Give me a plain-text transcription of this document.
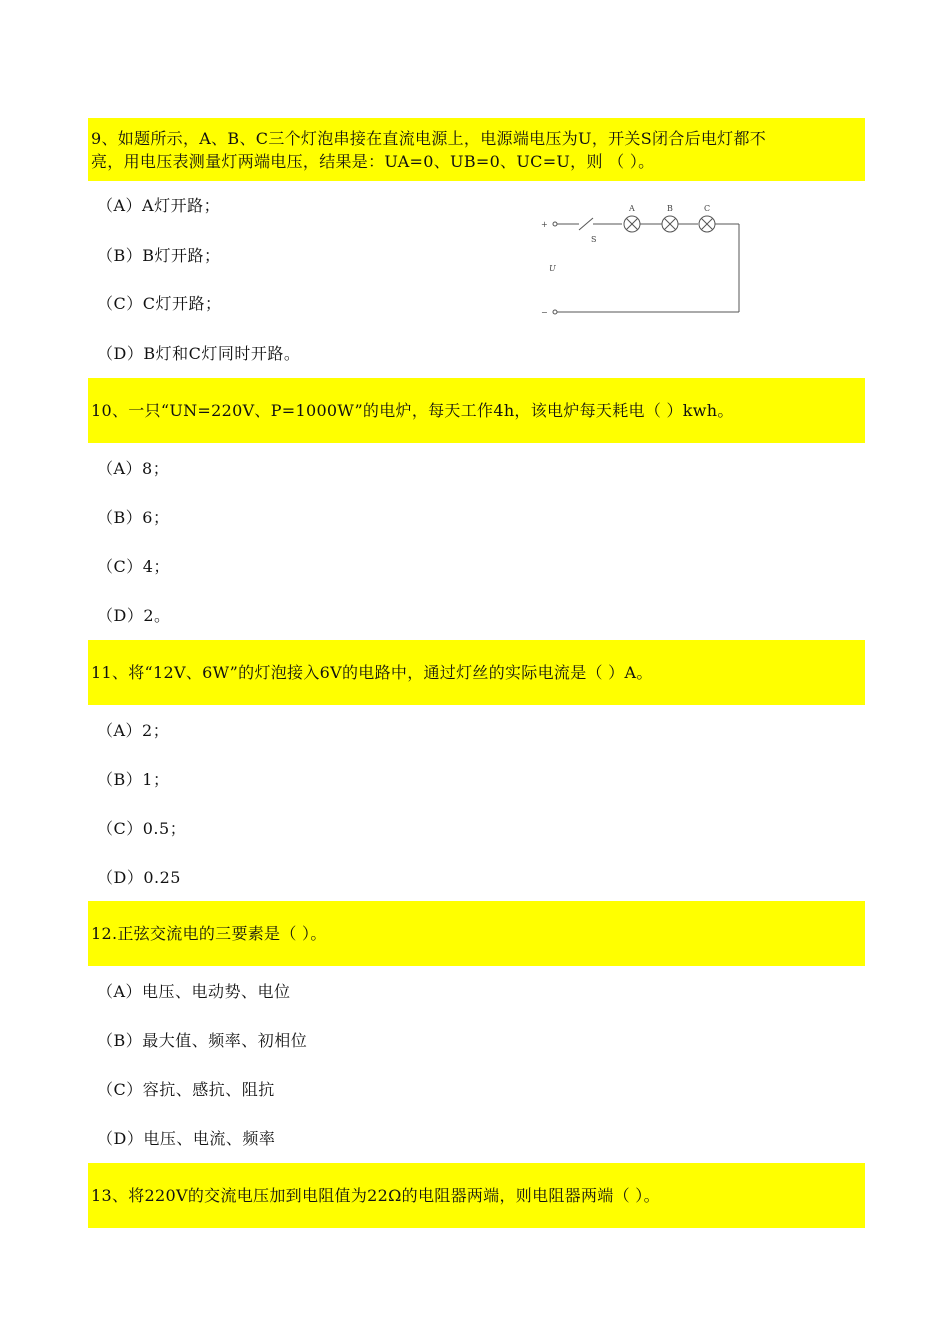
9、如题所示，A、B、C三个灯泡串接在直流电源上，电源端电压为U，开关S闭合后电灯都不
亮，用电压表测量灯两端电压，结果是：UA=0、UB=0、UC=U，则 （ ）。
（A）A灯开路；
（B）B灯开路；
（C）C灯开路；
（D）B灯和C灯同时开路。
+
−
U
S
A	B	C
10、一只“UN=220V、P=1000W”的电炉，每天工作4h，该电炉每天耗电（ ）kwh。
（A）8；
（B）6；
（C）4；
（D）2。
11、将“12V、6W”的灯泡接入6V的电路中，通过灯丝的实际电流是（ ）A。
（A）2；
（B）1；
（C）0.5；
（D）0.25
12.正弦交流电的三要素是（ ）。
（A）电压、电动势、电位
（B）最大值、频率、初相位
（C）容抗、感抗、阻抗
（D）电压、电流、频率
13、将220V的交流电压加到电阻值为22Ω的电阻器两端，则电阻器两端（ ）。
